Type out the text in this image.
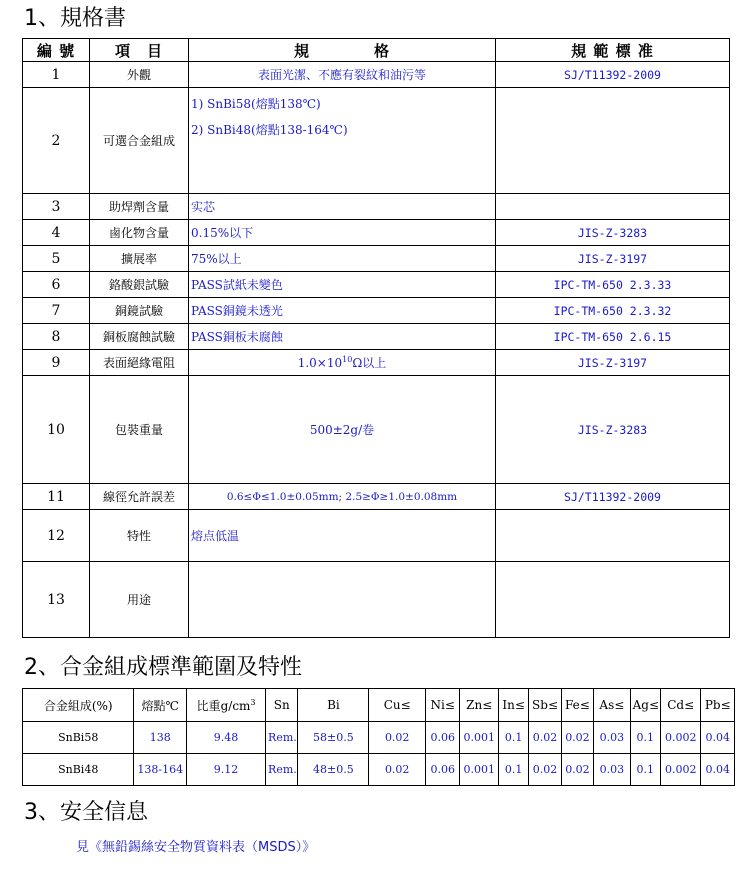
1、規格書
編 號	項　目	規　　　　格	規 範 標 准
1	外觀	表面光潔、不應有裂紋和油污等	SJ/T11392-2009
2	可選合金組成	1) SnBi58(熔點138℃)
2) SnBi48(熔點138-164℃)	

3	助焊劑含量	实芯	
4	鹵化物含量	0.15%以下	JIS-Z-3283
5	擴展率	75%以上	JIS-Z-3197
6	鉻酸銀試驗	PASS試紙未變色	IPC-TM-650 2.3.33
7	銅鏡試驗	PASS銅鏡未透光	IPC-TM-650 2.3.32
8	銅板腐蝕試驗	PASS銅板未腐蝕	IPC-TM-650 2.6.15
9	表面絕緣電阻	$1.0\times 10^{10}\Omega$以上	JIS-Z-3197
10	包裝重量	500±2g/卷	JIS-Z-3283
11	線徑允許誤差	0.6≤Φ≤1.0±0.05mm; 2.5≥Φ≥1.0±0.08mm	SJ/T11392-2009
12	特性	熔点低温	
13	用途		
2、合金組成標準範圍及特性
合金組成(%)	熔點℃	比重$g/cm^3$	Sn	Bi	Cu≤	Ni≤	Zn≤	In≤	Sb≤	Fe≤	As≤	Ag≤	Cd≤	Pb≤
SnBi58	138	9.48	Rem.	58±0.5	0.02	0.06	0.001	0.1	0.02	0.02	0.03	0.1	0.002	0.04
SnBi48	138-164	9.12	Rem.	48±0.5	0.02	0.06	0.001	0.1	0.02	0.02	0.03	0.1	0.002	0.04
3、安全信息
見《無鉛錫絲安全物質資料表（MSDS）》
